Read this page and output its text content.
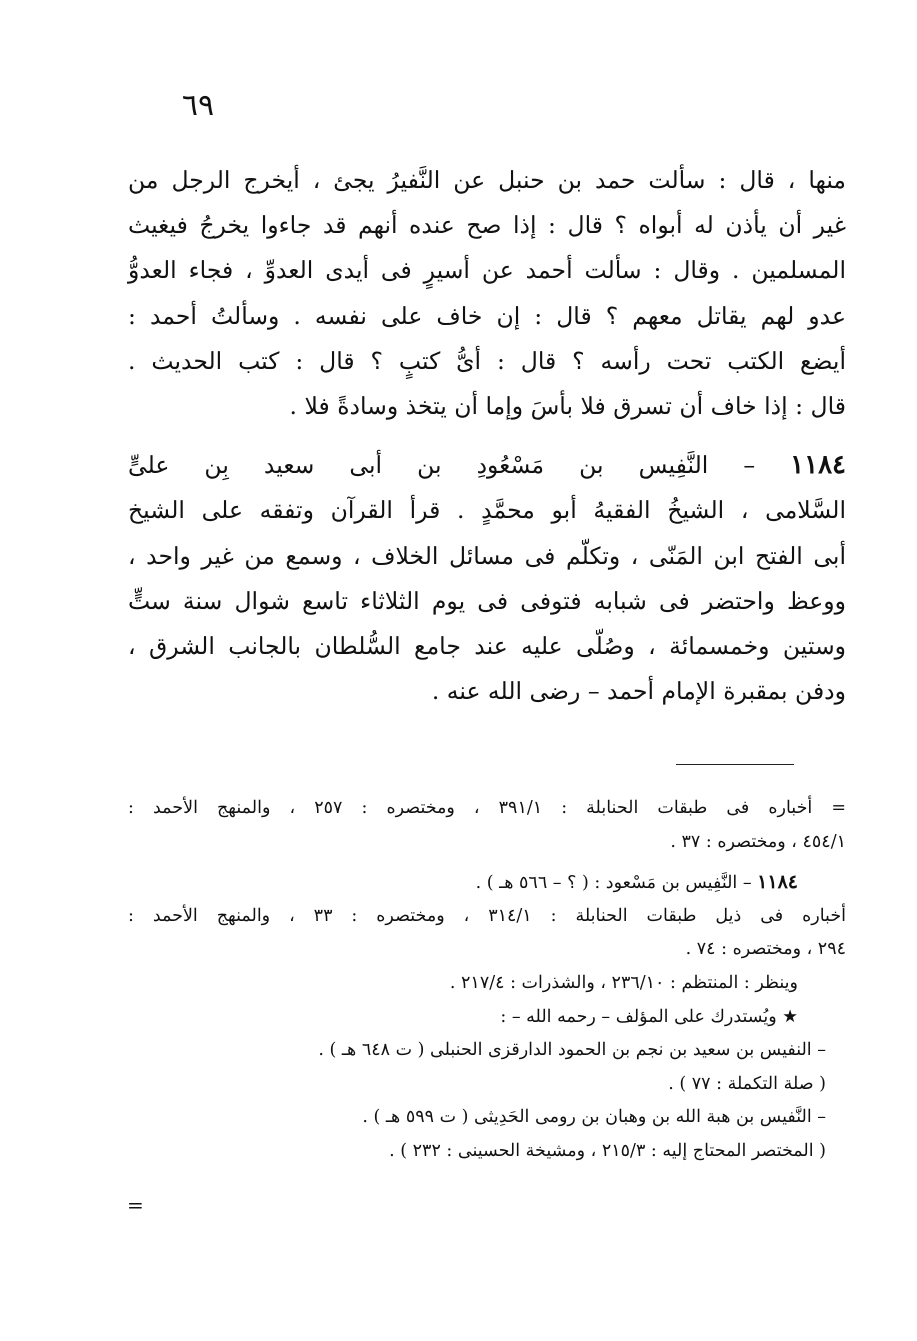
٦٩
منها ، قال : سألت حمد بن حنبل عن النَّفيرُ يجئ ، أيخرج الرجل من
غير أن يأذن له أبواه ؟ قال : إذا صح عنده أنهم قد جاءوا يخرجُ فيغيث
المسلمين . وقال : سألت أحمد عن أسيرٍ فى أيدى العدوِّ ، فجاء العدوُّ
عدو لهم يقاتل معهم ؟ قال : إن خاف على نفسه . وسألتُ أحمد :
أيضع الكتب تحت رأسه ؟ قال : أىُّ كتبٍ ؟ قال : كتب الحديث .
قال : إذا خاف أن تسرق فلا بأسَ وإما أن يتخذ وسادةً فلا .
١١٨٤ – النَّفِيس بن مَسْعُودِ بن أبى سعيد بِن علىٍّ
السَّلامى ، الشيخُ الفقيهُ أبو محمَّدٍ . قرأ القرآن وتفقه على الشيخ
أبى الفتح ابن المَنّى ، وتكلّم فى مسائل الخلاف ، وسمع من غير واحد ،
ووعظ واحتضر فى شبابه فتوفى فى يوم الثلاثاء تاسع شوال سنة ستٍّ
وستين وخمسمائة ، وصُلّى عليه عند جامع السُّلطان بالجانب الشرق ،
ودفن بمقبرة الإمام أحمد – رضى الله عنه .
= أخباره فى طبقات الحنابلة : ٣٩١/١ ، ومختصره : ٢٥٧ ، والمنهج الأحمد :
٤٥٤/١ ، ومختصره : ٣٧ .
١١٨٤ – النَّفِيس بن مَسْعود : ( ؟ – ٥٦٦ هـ ) .
أخباره فى ذيل طبقات الحنابلة : ٣١٤/١ ، ومختصره : ٣٣ ، والمنهج الأحمد :
٢٩٤ ، ومختصره : ٧٤ .
وينظر : المنتظم : ٢٣٦/١٠ ، والشذرات : ٢١٧/٤ .
★ ويُستدرك على المؤلف – رحمه الله – :
– النفيس بن سعيد بن نجم بن الحمود الدارقزى الحنبلى ( ت ٦٤٨ هـ ) .
( صلة التكملة : ٧٧ ) .
– النَّفيس بن هبة الله بن وهبان بن رومى الحَدِيثى ( ت ٥٩٩ هـ ) .
( المختصر المحتاج إليه : ٢١٥/٣ ، ومشيخة الحسينى : ٢٣٢ ) .
=
